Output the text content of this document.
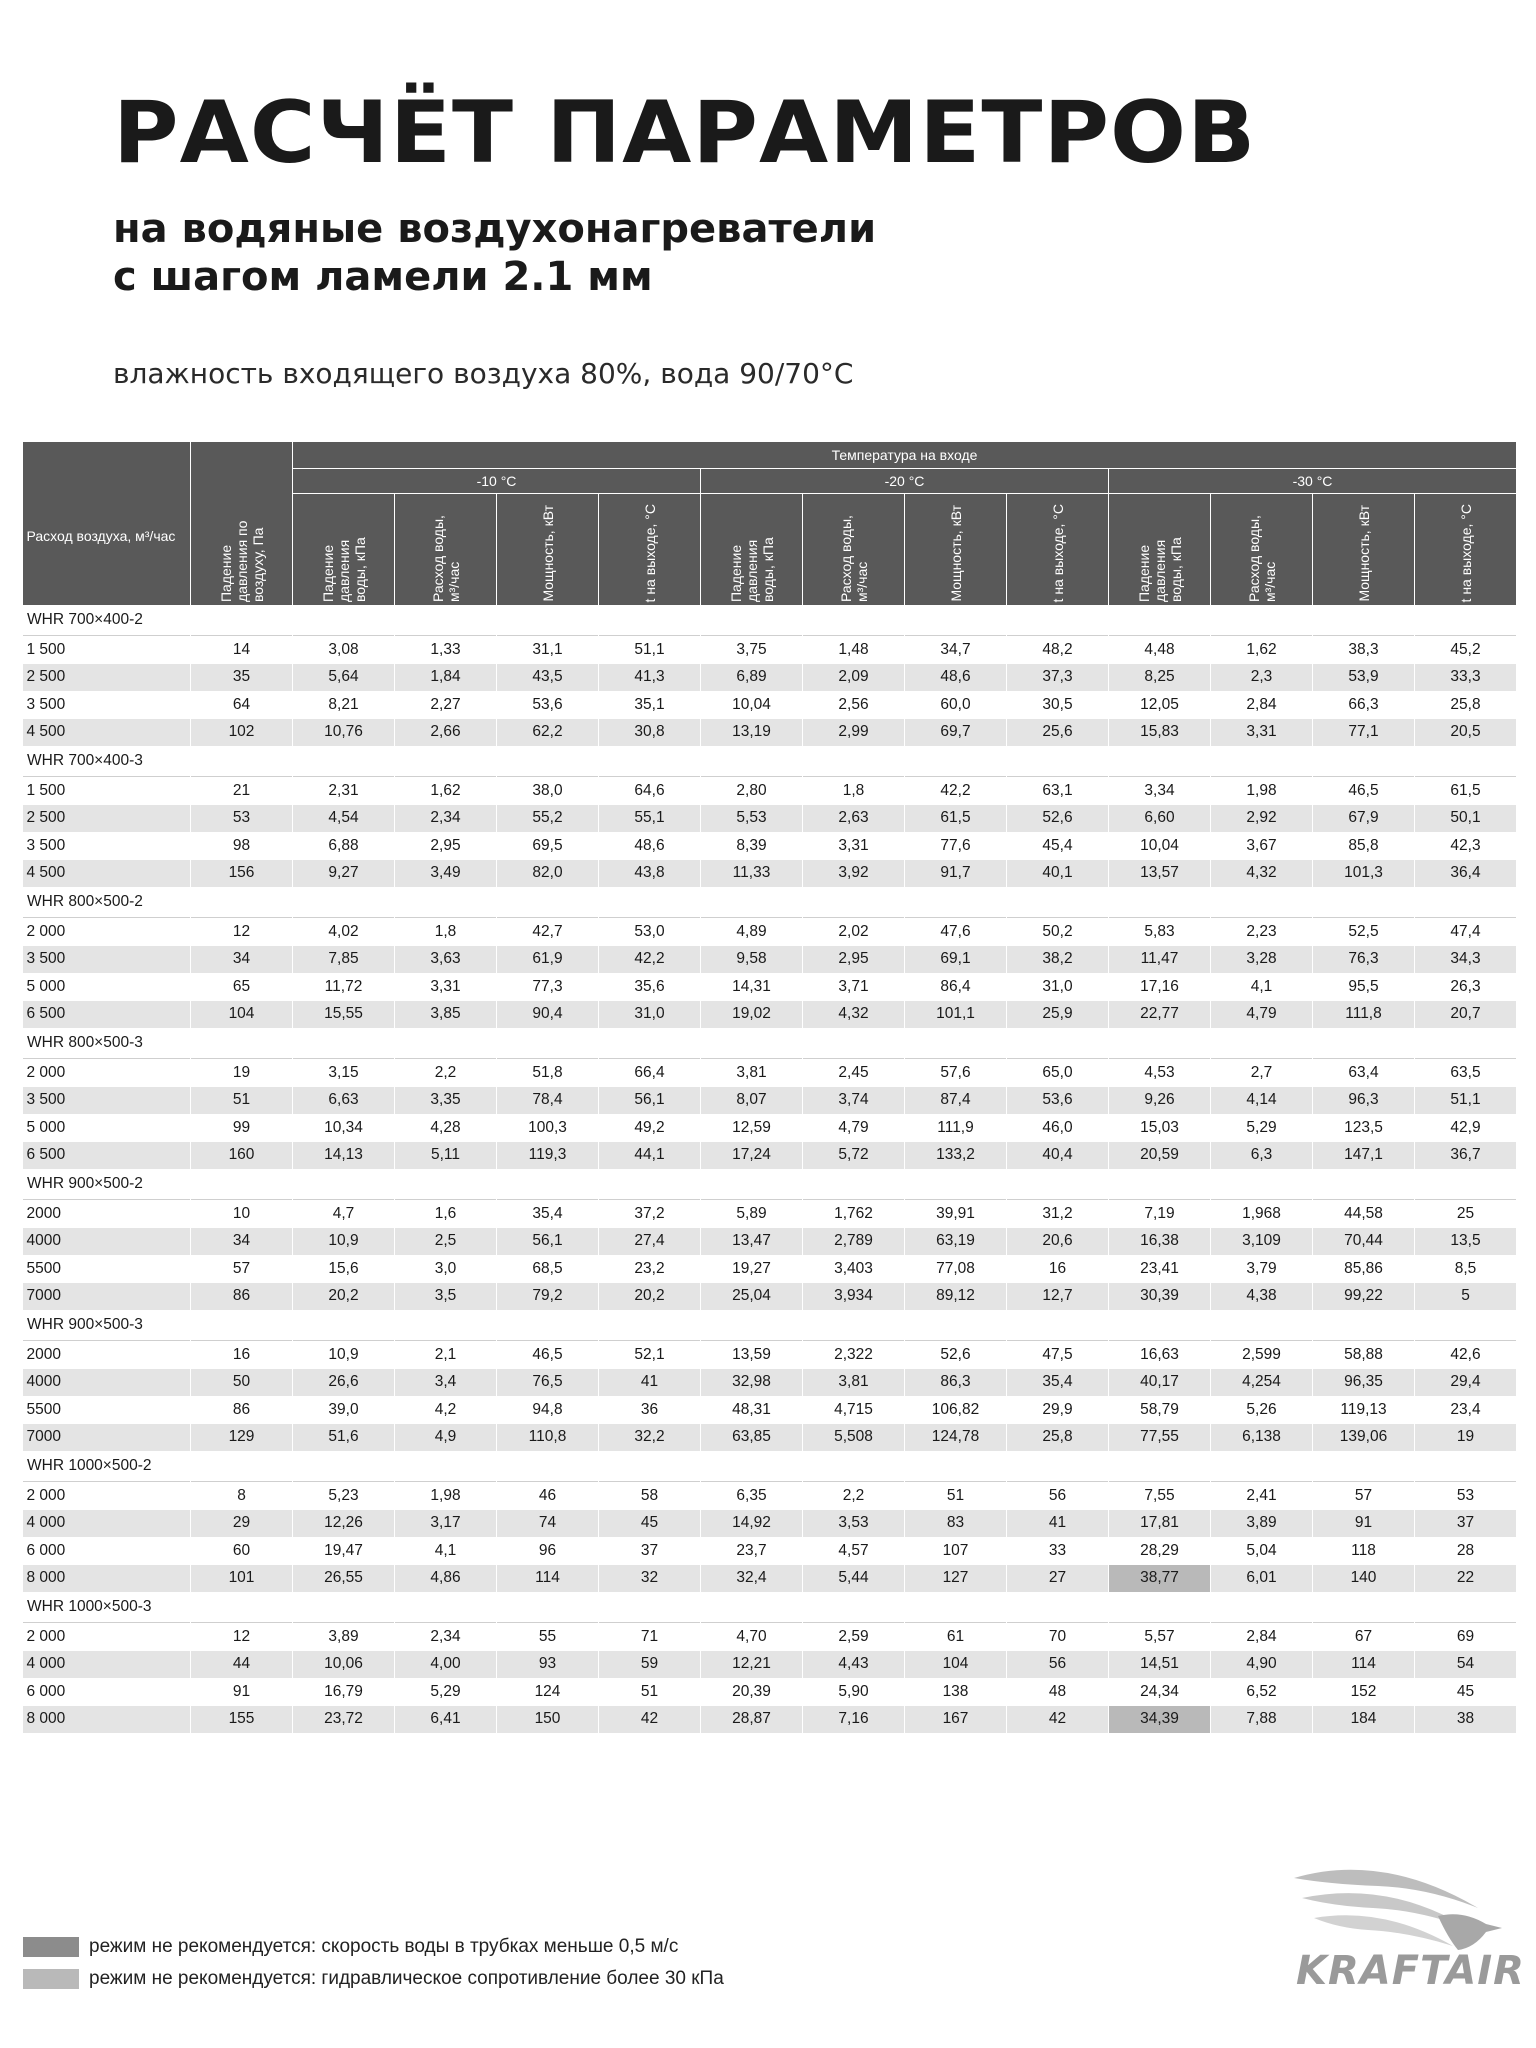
РАСЧЁТ ПАРАМЕТРОВ
на водяные воздухонагреватели
с шагом ламели 2.1 мм
влажность входящего воздуха 80%, вода 90/70°C
Расход воздуха, м³/час	Падение давления по воздуху, Па	Температура на входе											
		-10 °C				-20 °C				-30 °C			
		Падение давления воды, кПа	Расход воды, м³/час	Мощность, кВт	t на выходе, °C	Падение давления воды, кПа	Расход воды, м³/час	Мощность, кВт	t на выходе, °C	Падение давления воды, кПа	Расход воды, м³/час	Мощность, кВт	t на выходе, °C
WHR 700×400-2													
1 500	14	3,08	1,33	31,1	51,1	3,75	1,48	34,7	48,2	4,48	1,62	38,3	45,2
2 500	35	5,64	1,84	43,5	41,3	6,89	2,09	48,6	37,3	8,25	2,3	53,9	33,3
3 500	64	8,21	2,27	53,6	35,1	10,04	2,56	60,0	30,5	12,05	2,84	66,3	25,8
4 500	102	10,76	2,66	62,2	30,8	13,19	2,99	69,7	25,6	15,83	3,31	77,1	20,5
WHR 700×400-3													
1 500	21	2,31	1,62	38,0	64,6	2,80	1,8	42,2	63,1	3,34	1,98	46,5	61,5
2 500	53	4,54	2,34	55,2	55,1	5,53	2,63	61,5	52,6	6,60	2,92	67,9	50,1
3 500	98	6,88	2,95	69,5	48,6	8,39	3,31	77,6	45,4	10,04	3,67	85,8	42,3
4 500	156	9,27	3,49	82,0	43,8	11,33	3,92	91,7	40,1	13,57	4,32	101,3	36,4
WHR 800×500-2													
2 000	12	4,02	1,8	42,7	53,0	4,89	2,02	47,6	50,2	5,83	2,23	52,5	47,4
3 500	34	7,85	3,63	61,9	42,2	9,58	2,95	69,1	38,2	11,47	3,28	76,3	34,3
5 000	65	11,72	3,31	77,3	35,6	14,31	3,71	86,4	31,0	17,16	4,1	95,5	26,3
6 500	104	15,55	3,85	90,4	31,0	19,02	4,32	101,1	25,9	22,77	4,79	111,8	20,7
WHR 800×500-3													
2 000	19	3,15	2,2	51,8	66,4	3,81	2,45	57,6	65,0	4,53	2,7	63,4	63,5
3 500	51	6,63	3,35	78,4	56,1	8,07	3,74	87,4	53,6	9,26	4,14	96,3	51,1
5 000	99	10,34	4,28	100,3	49,2	12,59	4,79	111,9	46,0	15,03	5,29	123,5	42,9
6 500	160	14,13	5,11	119,3	44,1	17,24	5,72	133,2	40,4	20,59	6,3	147,1	36,7
WHR 900×500-2													
2000	10	4,7	1,6	35,4	37,2	5,89	1,762	39,91	31,2	7,19	1,968	44,58	25
4000	34	10,9	2,5	56,1	27,4	13,47	2,789	63,19	20,6	16,38	3,109	70,44	13,5
5500	57	15,6	3,0	68,5	23,2	19,27	3,403	77,08	16	23,41	3,79	85,86	8,5
7000	86	20,2	3,5	79,2	20,2	25,04	3,934	89,12	12,7	30,39	4,38	99,22	5
WHR 900×500-3													
2000	16	10,9	2,1	46,5	52,1	13,59	2,322	52,6	47,5	16,63	2,599	58,88	42,6
4000	50	26,6	3,4	76,5	41	32,98	3,81	86,3	35,4	40,17	4,254	96,35	29,4
5500	86	39,0	4,2	94,8	36	48,31	4,715	106,82	29,9	58,79	5,26	119,13	23,4
7000	129	51,6	4,9	110,8	32,2	63,85	5,508	124,78	25,8	77,55	6,138	139,06	19
WHR 1000×500-2													
2 000	8	5,23	1,98	46	58	6,35	2,2	51	56	7,55	2,41	57	53
4 000	29	12,26	3,17	74	45	14,92	3,53	83	41	17,81	3,89	91	37
6 000	60	19,47	4,1	96	37	23,7	4,57	107	33	28,29	5,04	118	28
8 000	101	26,55	4,86	114	32	32,4	5,44	127	27	38,77	6,01	140	22
WHR 1000×500-3													
2 000	12	3,89	2,34	55	71	4,70	2,59	61	70	5,57	2,84	67	69
4 000	44	10,06	4,00	93	59	12,21	4,43	104	56	14,51	4,90	114	54
6 000	91	16,79	5,29	124	51	20,39	5,90	138	48	24,34	6,52	152	45
8 000	155	23,72	6,41	150	42	28,87	7,16	167	42	34,39	7,88	184	38
режим не рекомендуется: скорость воды в трубках меньше 0,5 м/с
режим не рекомендуется: гидравлическое сопротивление более 30 кПа	KRAFTAIR
